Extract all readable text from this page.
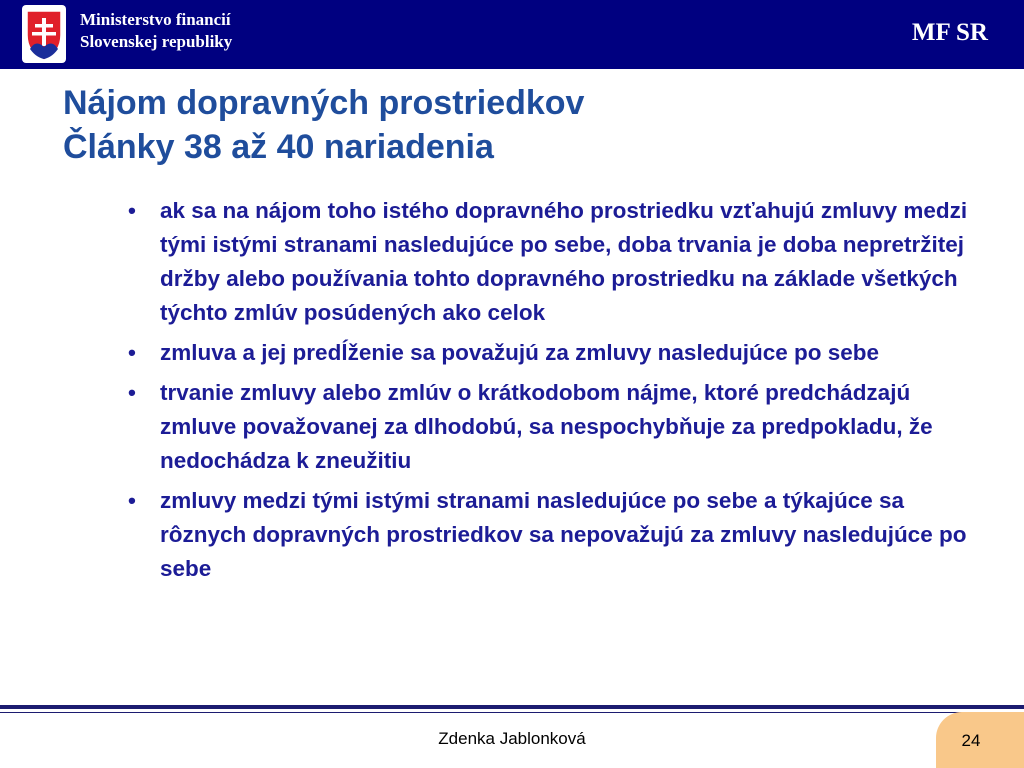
Ministerstvo financií
Slovenskej republiky	MF SR
Nájom dopravných prostriedkov
Články 38 až 40 nariadenia
• ak sa na nájom toho istého dopravného prostriedku vzťahujú zmluvy medzi tými istými stranami nasledujúce po sebe, doba trvania je doba nepretržitej držby alebo používania tohto dopravného prostriedku na základe všetkých týchto zmlúv posúdených ako celok
• zmluva a jej predĺženie sa považujú za zmluvy nasledujúce po sebe
• trvanie zmluvy alebo zmlúv o krátkodobom nájme, ktoré predchádzajú zmluve považovanej za dlhodobú, sa nespochybňuje za predpokladu, že nedochádza k zneužitiu
• zmluvy medzi tými istými stranami nasledujúce po sebe a týkajúce sa rôznych dopravných prostriedkov sa nepovažujú za zmluvy nasledujúce po sebe
Zdenka Jablonková	24
